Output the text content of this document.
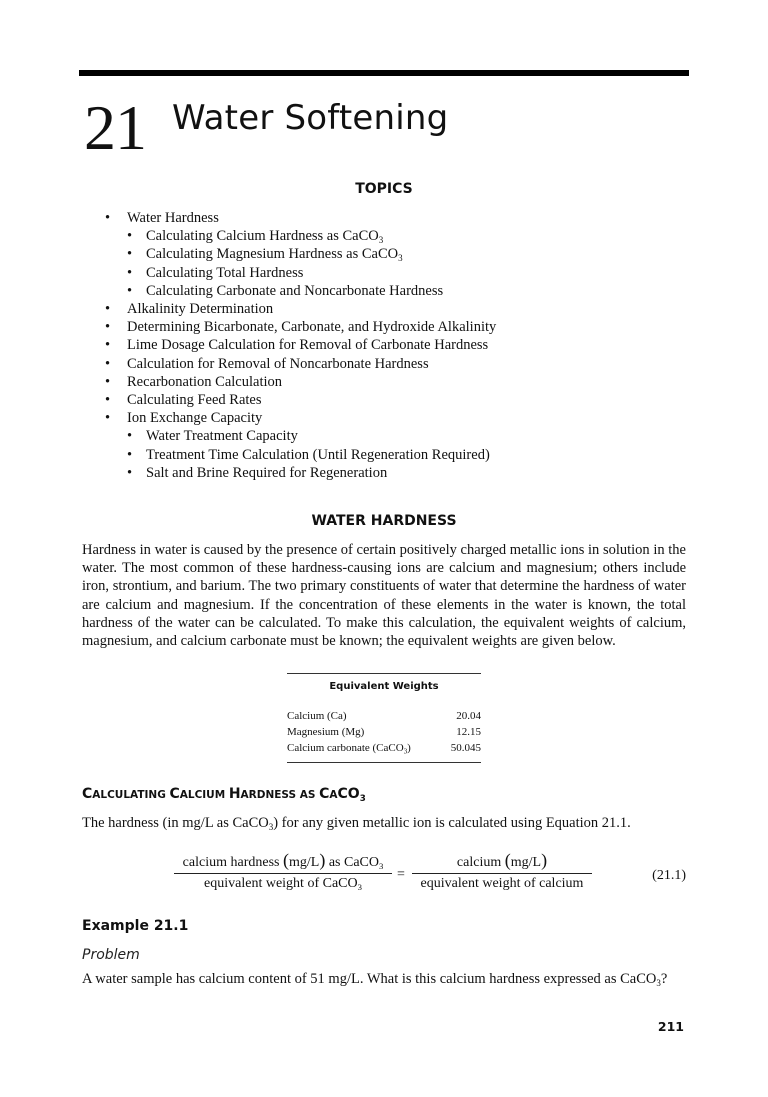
21 Water Softening
TOPICS
• Water Hardness
• Calculating Calcium Hardness as CaCO$_3$
• Calculating Magnesium Hardness as CaCO$_3$
• Calculating Total Hardness
• Calculating Carbonate and Noncarbonate Hardness
• Alkalinity Determination
• Determining Bicarbonate, Carbonate, and Hydroxide Alkalinity
• Lime Dosage Calculation for Removal of Carbonate Hardness
• Calculation for Removal of Noncarbonate Hardness
• Recarbonation Calculation
• Calculating Feed Rates
• Ion Exchange Capacity
• Water Treatment Capacity
• Treatment Time Calculation (Until Regeneration Required)
• Salt and Brine Required for Regeneration
WATER HARDNESS

Hardness in water is caused by the presence of certain positively charged metallic ions in solution in the water. The most common of these hardness-causing ions are calcium and magnesium; others include iron, strontium, and barium. The two primary constituents of water that determine the hardness of water are calcium and magnesium. If the concentration of these elements in the water is known, the total hardness of the water can be calculated. To make this calculation, the equivalent weights of calcium, magnesium, and calcium carbonate must be known; the equivalent weights are given below.

Equivalent Weights
Calcium (Ca)	20.04
Magnesium (Mg)	12.15
Calcium carbonate (CaCO$_3$)	50.045
CALCULATING CALCIUM HARDNESS AS $CACO_3$
The hardness (in mg/L as CaCO$_3$) for any given metallic ion is calculated using Equation 21.1.
calcium hardness (mg/L) as CaCO$_3$
equivalent weight of CaCO$_3$
=
calcium (mg/L)
equivalent weight of calcium
(21.1)
Example 21.1
Problem
A water sample has calcium content of 51 mg/L. What is this calcium hardness expressed as CaCO$_3$?
211
